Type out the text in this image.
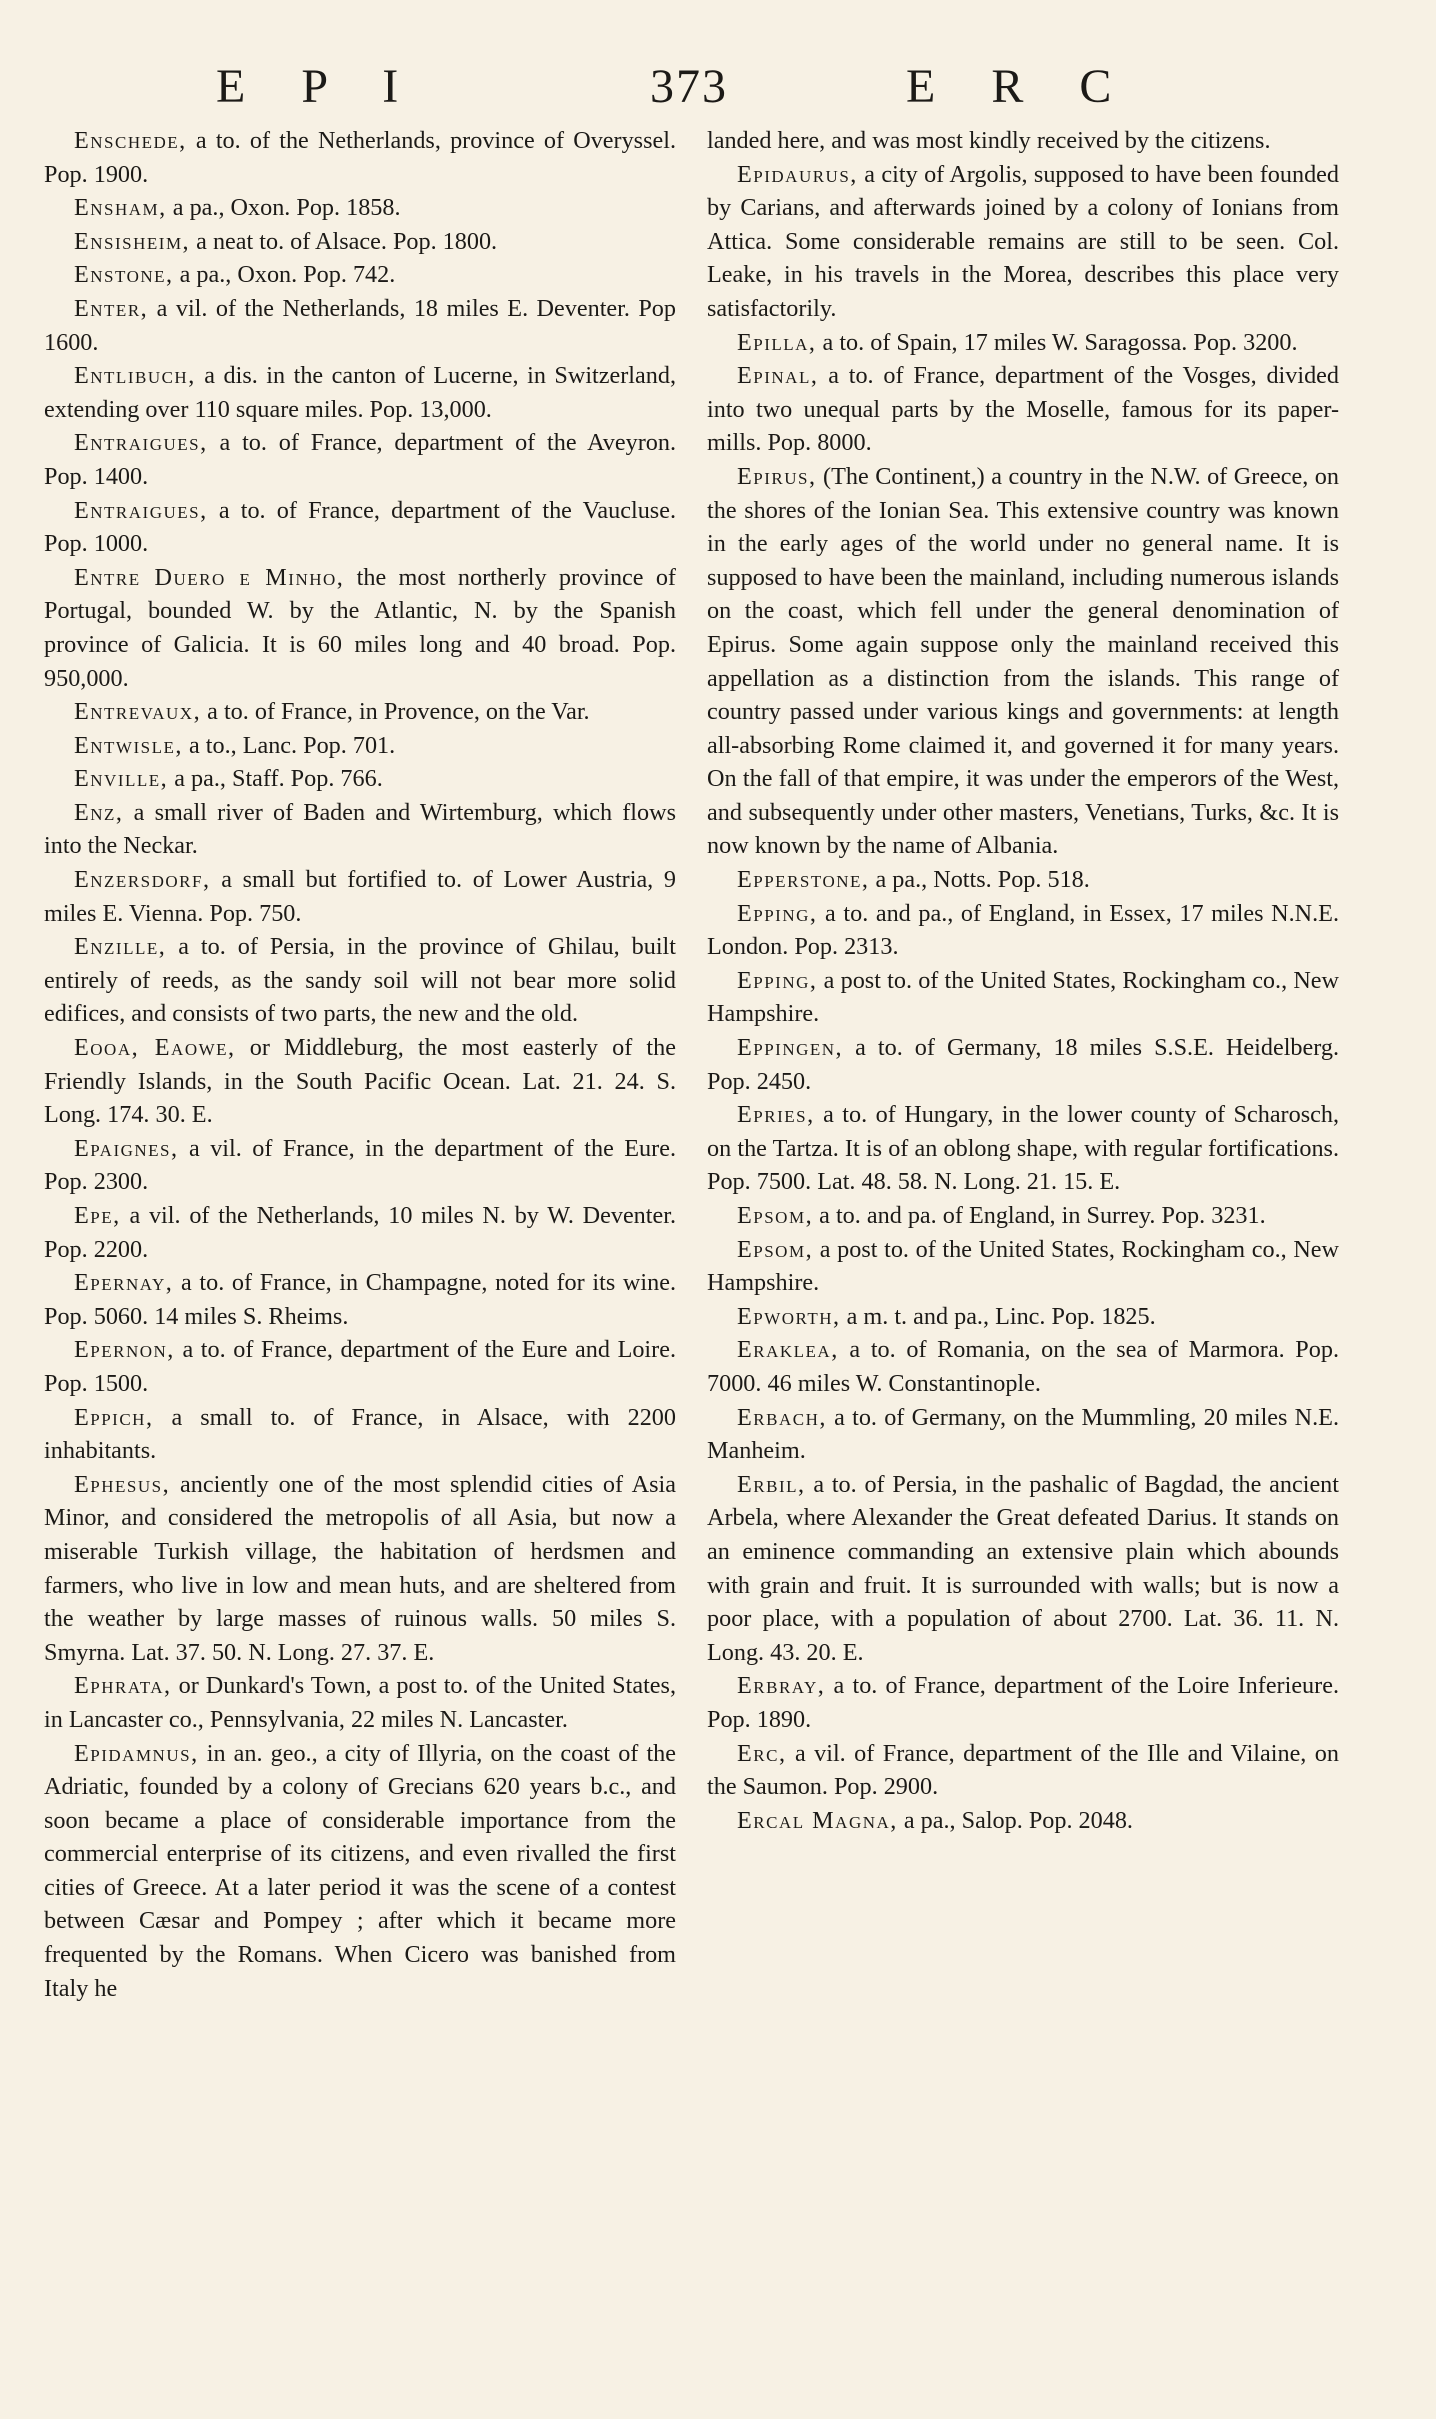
E P I	373	E R C

Enschede, a to. of the Netherlands, province of Overyssel. Pop. 1900.

Ensham, a pa., Oxon. Pop. 1858.

Ensisheim, a neat to. of Alsace. Pop. 1800.

Enstone, a pa., Oxon. Pop. 742.

Enter, a vil. of the Netherlands, 18 miles E. Deventer. Pop 1600.

Entlibuch, a dis. in the canton of Lucerne, in Switzerland, extending over 110 square miles. Pop. 13,000.

Entraigues, a to. of France, department of the Aveyron. Pop. 1400.

Entraigues, a to. of France, department of the Vaucluse. Pop. 1000.

Entre Duero e Minho, the most northerly province of Portugal, bounded W. by the Atlantic, N. by the Spanish province of Galicia. It is 60 miles long and 40 broad. Pop. 950,000.

Entrevaux, a to. of France, in Provence, on the Var.

Entwisle, a to., Lanc. Pop. 701.

Enville, a pa., Staff. Pop. 766.

Enz, a small river of Baden and Wirtemburg, which flows into the Neckar.

Enzersdorf, a small but fortified to. of Lower Austria, 9 miles E. Vienna. Pop. 750.

Enzille, a to. of Persia, in the province of Ghilau, built entirely of reeds, as the sandy soil will not bear more solid edifices, and consists of two parts, the new and the old.

Eooa, Eaowe, or Middleburg, the most easterly of the Friendly Islands, in the South Pacific Ocean. Lat. 21. 24. S. Long. 174. 30. E.

Epaignes, a vil. of France, in the department of the Eure. Pop. 2300.

Epe, a vil. of the Netherlands, 10 miles N. by W. Deventer. Pop. 2200.

Epernay, a to. of France, in Champagne, noted for its wine. Pop. 5060. 14 miles S. Rheims.

Epernon, a to. of France, department of the Eure and Loire. Pop. 1500.

Eppich, a small to. of France, in Alsace, with 2200 inhabitants.

Ephesus, anciently one of the most splendid cities of Asia Minor, and considered the metropolis of all Asia, but now a miserable Turkish village, the habitation of herdsmen and farmers, who live in low and mean huts, and are sheltered from the weather by large masses of ruinous walls. 50 miles S. Smyrna. Lat. 37. 50. N. Long. 27. 37. E.

Ephrata, or Dunkard's Town, a post to. of the United States, in Lancaster co., Pennsylvania, 22 miles N. Lancaster.

Epidamnus, in an. geo., a city of Illyria, on the coast of the Adriatic, founded by a colony of Grecians 620 years b.c., and soon became a place of considerable importance from the commercial enterprise of its citizens, and even rivalled the first cities of Greece. At a later period it was the scene of a contest between Cæsar and Pompey ; after which it became more frequented by the Romans. When Cicero was banished from Italy he

landed here, and was most kindly received by the citizens.

Epidaurus, a city of Argolis, supposed to have been founded by Carians, and afterwards joined by a colony of Ionians from Attica. Some considerable remains are still to be seen. Col. Leake, in his travels in the Morea, describes this place very satisfactorily.

Epilla, a to. of Spain, 17 miles W. Saragossa. Pop. 3200.

Epinal, a to. of France, department of the Vosges, divided into two unequal parts by the Moselle, famous for its paper-mills. Pop. 8000.

Epirus, (The Continent,) a country in the N.W. of Greece, on the shores of the Ionian Sea. This extensive country was known in the early ages of the world under no general name. It is supposed to have been the mainland, including numerous islands on the coast, which fell under the general denomination of Epirus. Some again suppose only the mainland received this appellation as a distinction from the islands. This range of country passed under various kings and governments: at length all-absorbing Rome claimed it, and governed it for many years. On the fall of that empire, it was under the emperors of the West, and subsequently under other masters, Venetians, Turks, &c. It is now known by the name of Albania.

Epperstone, a pa., Notts. Pop. 518.

Epping, a to. and pa., of England, in Essex, 17 miles N.N.E. London. Pop. 2313.

Epping, a post to. of the United States, Rockingham co., New Hampshire.

Eppingen, a to. of Germany, 18 miles S.S.E. Heidelberg. Pop. 2450.

Epries, a to. of Hungary, in the lower county of Scharosch, on the Tartza. It is of an oblong shape, with regular fortifications. Pop. 7500. Lat. 48. 58. N. Long. 21. 15. E.

Epsom, a to. and pa. of England, in Surrey. Pop. 3231.

Epsom, a post to. of the United States, Rockingham co., New Hampshire.

Epworth, a m. t. and pa., Linc. Pop. 1825.

Eraklea, a to. of Romania, on the sea of Marmora. Pop. 7000. 46 miles W. Constantinople.

Erbach, a to. of Germany, on the Mummling, 20 miles N.E. Manheim.

Erbil, a to. of Persia, in the pashalic of Bagdad, the ancient Arbela, where Alexander the Great defeated Darius. It stands on an eminence commanding an extensive plain which abounds with grain and fruit. It is surrounded with walls; but is now a poor place, with a population of about 2700. Lat. 36. 11. N. Long. 43. 20. E.

Erbray, a to. of France, department of the Loire Inferieure. Pop. 1890.

Erc, a vil. of France, department of the Ille and Vilaine, on the Saumon. Pop. 2900.

Ercal Magna, a pa., Salop. Pop. 2048.
